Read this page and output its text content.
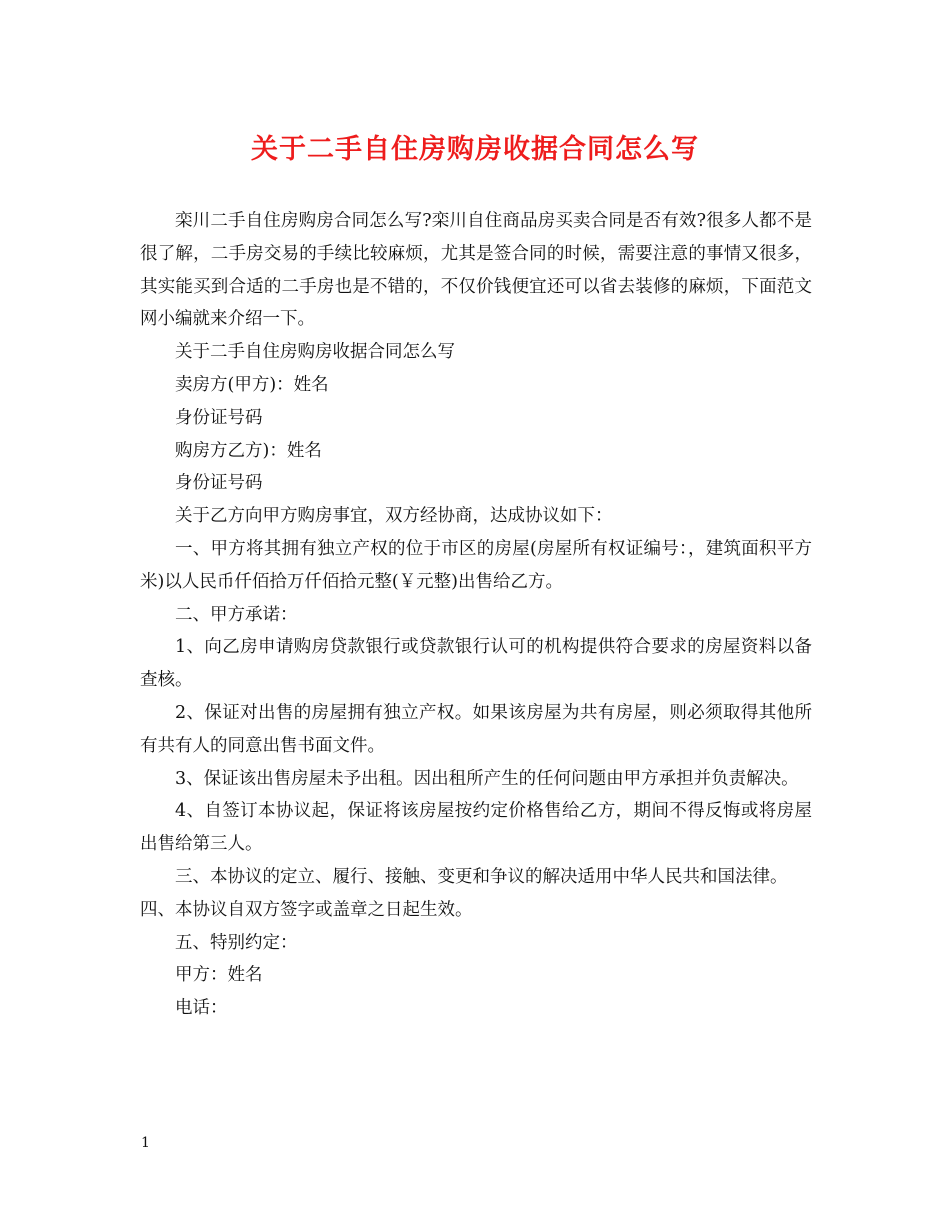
关于二手自住房购房收据合同怎么写

栾川二手自住房购房合同怎么写?栾川自住商品房买卖合同是否有效?很多人都不是很了解，二手房交易的手续比较麻烦，尤其是签合同的时候，需要注意的事情又很多，其实能买到合适的二手房也是不错的，不仅价钱便宜还可以省去装修的麻烦，下面范文网小编就来介绍一下。

关于二手自住房购房收据合同怎么写

卖房方(甲方)：姓名

身份证号码

购房方乙方)：姓名

身份证号码

关于乙方向甲方购房事宜，双方经协商，达成协议如下：

一、甲方将其拥有独立产权的位于市区的房屋(房屋所有权证编号：，建筑面积平方米)以人民币仟佰拾万仟佰拾元整(￥元整)出售给乙方。

二、甲方承诺：

1、向乙房申请购房贷款银行或贷款银行认可的机构提供符合要求的房屋资料以备查核。

2、保证对出售的房屋拥有独立产权。如果该房屋为共有房屋，则必须取得其他所有共有人的同意出售书面文件。

3、保证该出售房屋未予出租。因出租所产生的任何问题由甲方承担并负责解决。

4、自签订本协议起，保证将该房屋按约定价格售给乙方，期间不得反悔或将房屋出售给第三人。

三、本协议的定立、履行、接触、变更和争议的解决适用中华人民共和国法律。

四、本协议自双方签字或盖章之日起生效。

五、特别约定：

甲方：姓名

电话：

1
